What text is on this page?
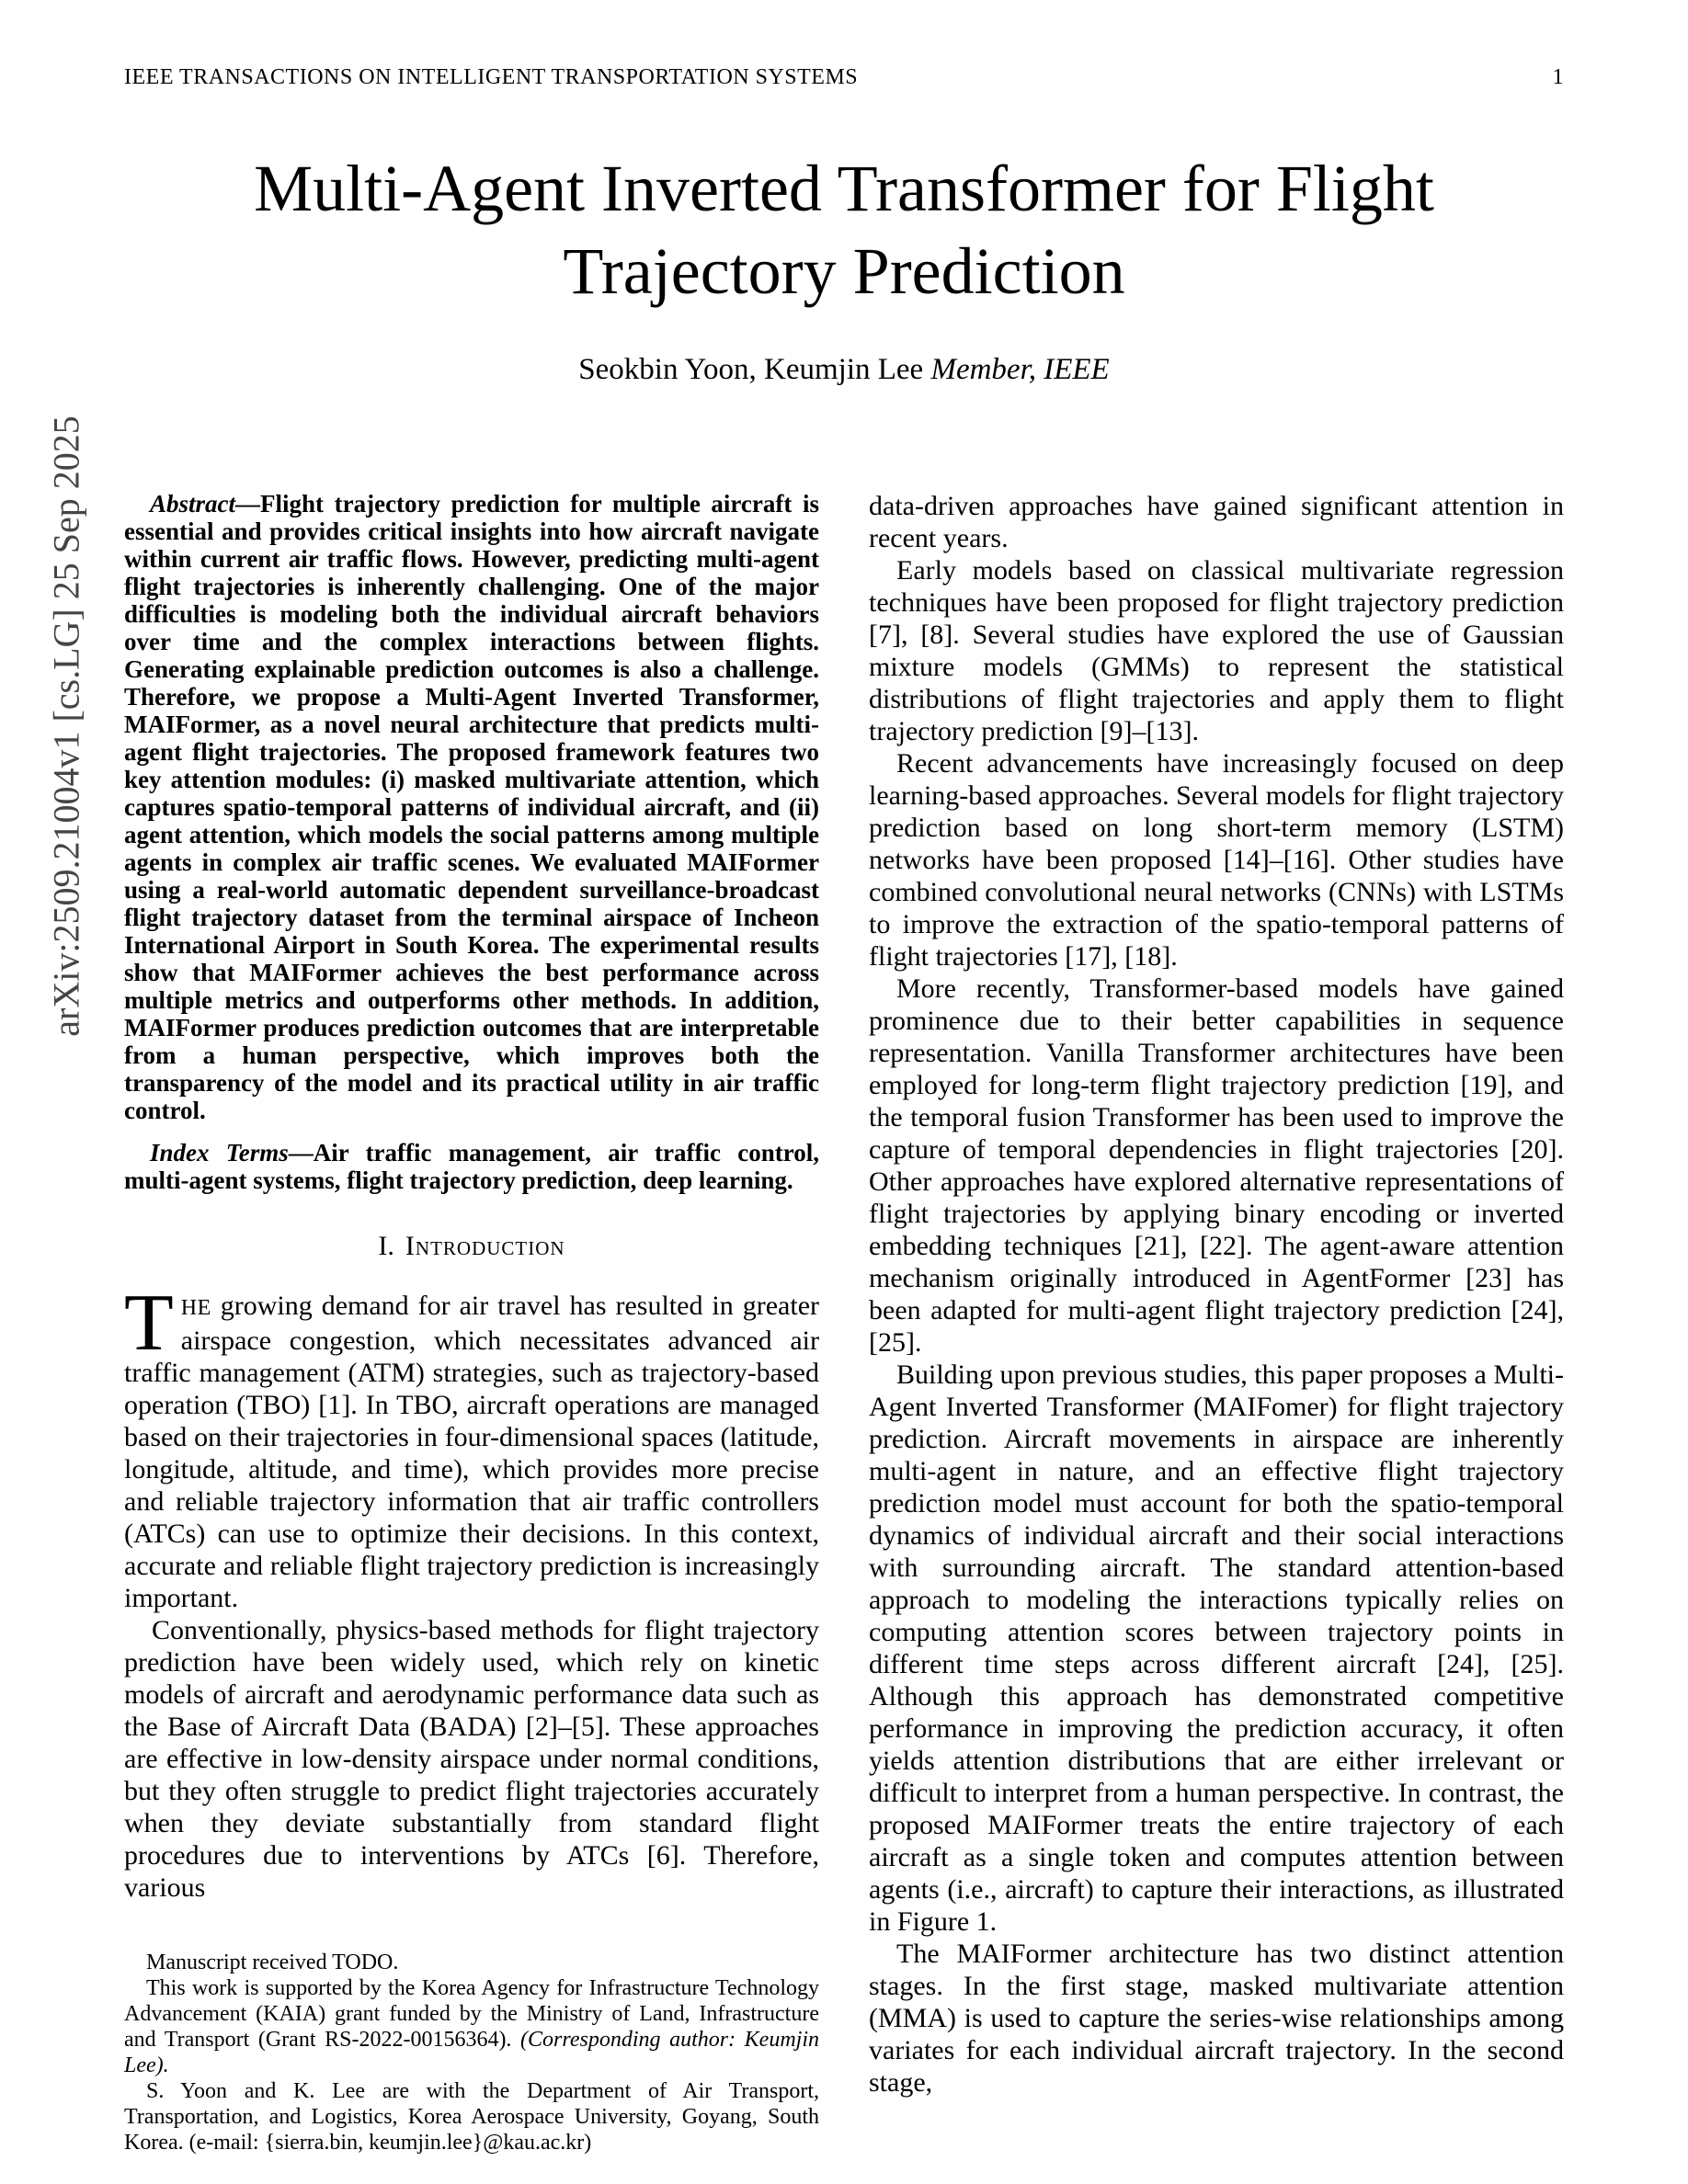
IEEE TRANSACTIONS ON INTELLIGENT TRANSPORTATION SYSTEMS	1
arXiv:2509.21004v1 [cs.LG] 25 Sep 2025
Multi-Agent Inverted Transformer for Flight Trajectory Prediction
Seokbin Yoon, Keumjin Lee Member, IEEE

Abstract—Flight trajectory prediction for multiple aircraft is essential and provides critical insights into how aircraft navigate within current air traffic flows. However, predicting multi-agent flight trajectories is inherently challenging. One of the major difficulties is modeling both the individual aircraft behaviors over time and the complex interactions between flights. Generating explainable prediction outcomes is also a challenge. Therefore, we propose a Multi-Agent Inverted Transformer, MAIFormer, as a novel neural architecture that predicts multi-agent flight trajectories. The proposed framework features two key attention modules: (i) masked multivariate attention, which captures spatio-temporal patterns of individual aircraft, and (ii) agent attention, which models the social patterns among multiple agents in complex air traffic scenes. We evaluated MAIFormer using a real-world automatic dependent surveillance-broadcast flight trajectory dataset from the terminal airspace of Incheon International Airport in South Korea. The experimental results show that MAIFormer achieves the best performance across multiple metrics and outperforms other methods. In addition, MAIFormer produces prediction outcomes that are interpretable from a human perspective, which improves both the transparency of the model and its practical utility in air traffic control.

Index Terms—Air traffic management, air traffic control, multi-agent systems, flight trajectory prediction, deep learning.

I. Introduction

THE growing demand for air travel has resulted in greater airspace congestion, which necessitates advanced air traffic management (ATM) strategies, such as trajectory-based operation (TBO) [1]. In TBO, aircraft operations are managed based on their trajectories in four-dimensional spaces (latitude, longitude, altitude, and time), which provides more precise and reliable trajectory information that air traffic controllers (ATCs) can use to optimize their decisions. In this context, accurate and reliable flight trajectory prediction is increasingly important.

Conventionally, physics-based methods for flight trajectory prediction have been widely used, which rely on kinetic models of aircraft and aerodynamic performance data such as the Base of Aircraft Data (BADA) [2]–[5]. These approaches are effective in low-density airspace under normal conditions, but they often struggle to predict flight trajectories accurately when they deviate substantially from standard flight procedures due to interventions by ATCs [6]. Therefore, various

Manuscript received TODO.

This work is supported by the Korea Agency for Infrastructure Technology Advancement (KAIA) grant funded by the Ministry of Land, Infrastructure and Transport (Grant RS-2022-00156364). (Corresponding author: Keumjin Lee).

S. Yoon and K. Lee are with the Department of Air Transport, Transportation, and Logistics, Korea Aerospace University, Goyang, South Korea. (e-mail: {sierra.bin, keumjin.lee}@kau.ac.kr)

data-driven approaches have gained significant attention in recent years.

Early models based on classical multivariate regression techniques have been proposed for flight trajectory prediction [7], [8]. Several studies have explored the use of Gaussian mixture models (GMMs) to represent the statistical distributions of flight trajectories and apply them to flight trajectory prediction [9]–[13].

Recent advancements have increasingly focused on deep learning-based approaches. Several models for flight trajectory prediction based on long short-term memory (LSTM) networks have been proposed [14]–[16]. Other studies have combined convolutional neural networks (CNNs) with LSTMs to improve the extraction of the spatio-temporal patterns of flight trajectories [17], [18].

More recently, Transformer-based models have gained prominence due to their better capabilities in sequence representation. Vanilla Transformer architectures have been employed for long-term flight trajectory prediction [19], and the temporal fusion Transformer has been used to improve the capture of temporal dependencies in flight trajectories [20]. Other approaches have explored alternative representations of flight trajectories by applying binary encoding or inverted embedding techniques [21], [22]. The agent-aware attention mechanism originally introduced in AgentFormer [23] has been adapted for multi-agent flight trajectory prediction [24], [25].

Building upon previous studies, this paper proposes a Multi-Agent Inverted Transformer (MAIFomer) for flight trajectory prediction. Aircraft movements in airspace are inherently multi-agent in nature, and an effective flight trajectory prediction model must account for both the spatio-temporal dynamics of individual aircraft and their social interactions with surrounding aircraft. The standard attention-based approach to modeling the interactions typically relies on computing attention scores between trajectory points in different time steps across different aircraft [24], [25]. Although this approach has demonstrated competitive performance in improving the prediction accuracy, it often yields attention distributions that are either irrelevant or difficult to interpret from a human perspective. In contrast, the proposed MAIFormer treats the entire trajectory of each aircraft as a single token and computes attention between agents (i.e., aircraft) to capture their interactions, as illustrated in Figure 1.

The MAIFormer architecture has two distinct attention stages. In the first stage, masked multivariate attention (MMA) is used to capture the series-wise relationships among variates for each individual aircraft trajectory. In the second stage,
